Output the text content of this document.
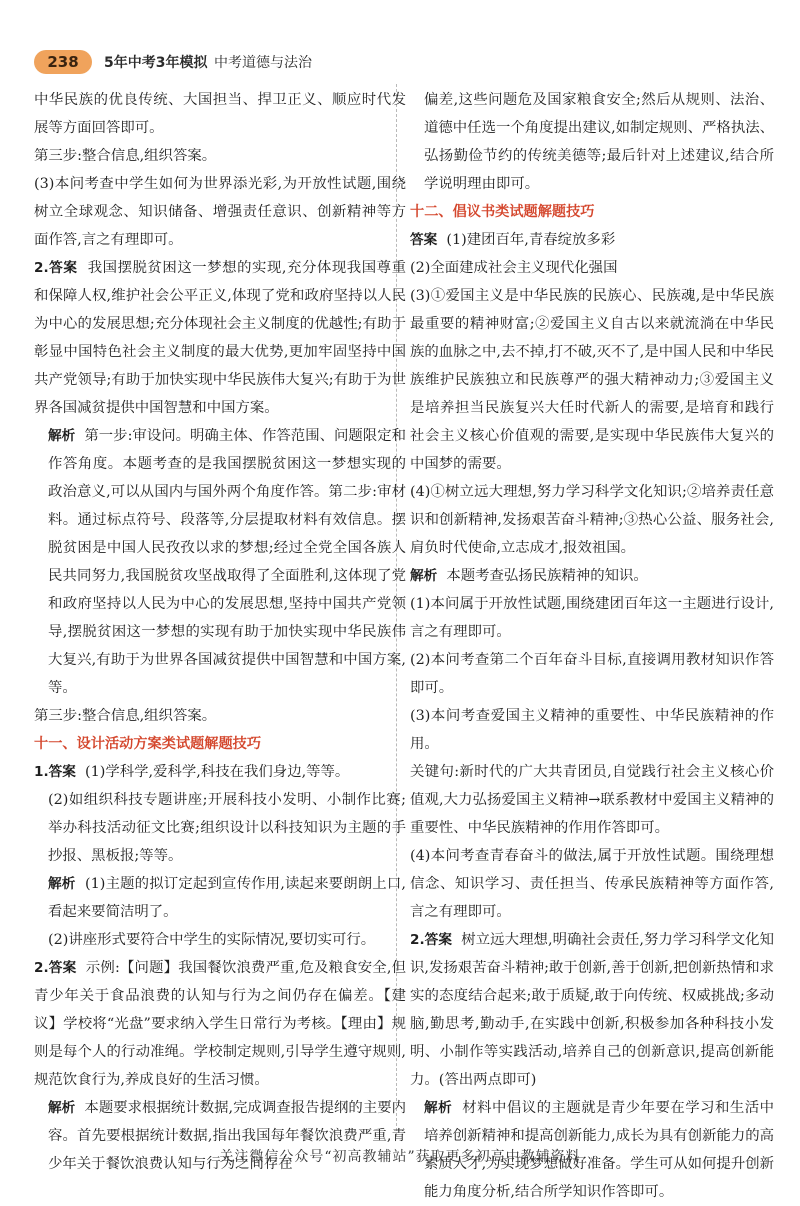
238	5年中考3年模拟 中考道德与法治

中华民族的优良传统、大国担当、捍卫正义、顺应时代发展等方面回答即可。

第三步:整合信息,组织答案。

(3)本问考查中学生如何为世界添光彩,为开放性试题,围绕树立全球观念、知识储备、增强责任意识、创新精神等方面作答,言之有理即可。

2.答案 我国摆脱贫困这一梦想的实现,充分体现我国尊重和保障人权,维护社会公平正义,体现了党和政府坚持以人民为中心的发展思想;充分体现社会主义制度的优越性;有助于彰显中国特色社会主义制度的最大优势,更加牢固坚持中国共产党领导;有助于加快实现中华民族伟大复兴;有助于为世界各国减贫提供中国智慧和中国方案。

解析 第一步:审设问。明确主体、作答范围、问题限定和作答角度。本题考查的是我国摆脱贫困这一梦想实现的政治意义,可以从国内与国外两个角度作答。第二步:审材料。通过标点符号、段落等,分层提取材料有效信息。摆脱贫困是中国人民孜孜以求的梦想;经过全党全国各族人民共同努力,我国脱贫攻坚战取得了全面胜利,这体现了党和政府坚持以人民为中心的发展思想,坚持中国共产党领导,摆脱贫困这一梦想的实现有助于加快实现中华民族伟大复兴,有助于为世界各国减贫提供中国智慧和中国方案,等。

第三步:整合信息,组织答案。

十一、设计活动方案类试题解题技巧

1.答案 (1)学科学,爱科学,科技在我们身边,等等。

(2)如组织科技专题讲座;开展科技小发明、小制作比赛;举办科技活动征文比赛;组织设计以科技知识为主题的手抄报、黑板报;等等。

解析 (1)主题的拟订定起到宣传作用,读起来要朗朗上口,看起来要简洁明了。

(2)讲座形式要符合中学生的实际情况,要切实可行。

2.答案 示例:【问题】我国餐饮浪费严重,危及粮食安全,但青少年关于食品浪费的认知与行为之间仍存在偏差。【建议】学校将“光盘”要求纳入学生日常行为考核。【理由】规则是每个人的行动准绳。学校制定规则,引导学生遵守规则,规范饮食行为,养成良好的生活习惯。

解析 本题要求根据统计数据,完成调查报告提纲的主要内容。首先要根据统计数据,指出我国每年餐饮浪费严重,青少年关于餐饮浪费认知与行为之间存在

偏差,这些问题危及国家粮食安全;然后从规则、法治、道德中任选一个角度提出建议,如制定规则、严格执法、弘扬勤俭节约的传统美德等;最后针对上述建议,结合所学说明理由即可。

十二、倡议书类试题解题技巧

答案 (1)建团百年,青春绽放多彩

(2)全面建成社会主义现代化强国

(3)①爱国主义是中华民族的民族心、民族魂,是中华民族最重要的精神财富;②爱国主义自古以来就流淌在中华民族的血脉之中,去不掉,打不破,灭不了,是中国人民和中华民族维护民族独立和民族尊严的强大精神动力;③爱国主义是培养担当民族复兴大任时代新人的需要,是培育和践行社会主义核心价值观的需要,是实现中华民族伟大复兴的中国梦的需要。

(4)①树立远大理想,努力学习科学文化知识;②培养责任意识和创新精神,发扬艰苦奋斗精神;③热心公益、服务社会,肩负时代使命,立志成才,报效祖国。

解析 本题考查弘扬民族精神的知识。

(1)本问属于开放性试题,围绕建团百年这一主题进行设计,言之有理即可。

(2)本问考查第二个百年奋斗目标,直接调用教材知识作答即可。

(3)本问考查爱国主义精神的重要性、中华民族精神的作用。

关键句:新时代的广大共青团员,自觉践行社会主义核心价值观,大力弘扬爱国主义精神→联系教材中爱国主义精神的重要性、中华民族精神的作用作答即可。

(4)本问考查青春奋斗的做法,属于开放性试题。围绕理想信念、知识学习、责任担当、传承民族精神等方面作答,言之有理即可。

2.答案 树立远大理想,明确社会责任,努力学习科学文化知识,发扬艰苦奋斗精神;敢于创新,善于创新,把创新热情和求实的态度结合起来;敢于质疑,敢于向传统、权威挑战;多动脑,勤思考,勤动手,在实践中创新,积极参加各种科技小发明、小制作等实践活动,培养自己的创新意识,提高创新能力。(答出两点即可)

解析 材料中倡议的主题就是青少年要在学习和生活中培养创新精神和提高创新能力,成长为具有创新能力的高素质人才,为实现梦想做好准备。学生可从如何提升创新能力角度分析,结合所学知识作答即可。

关注微信公众号“初高教辅站”获取更多初高中教辅资料
